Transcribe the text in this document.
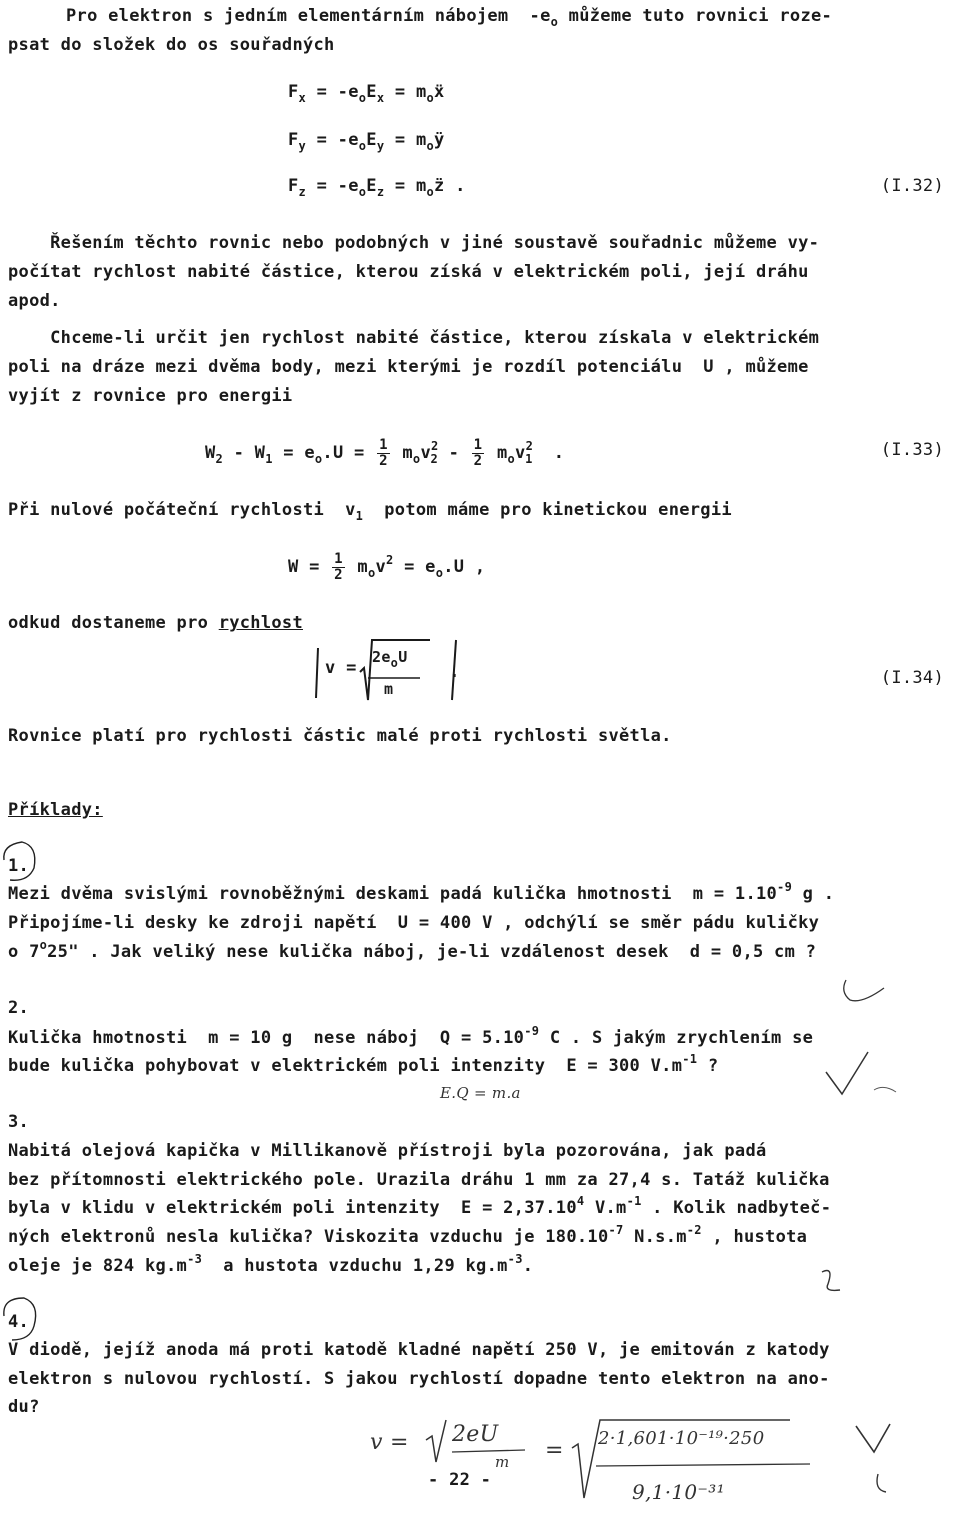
Pro elektron s jedním elementárním nábojem  $-e_o$ můžeme tuto rovnici roze-
psat do složek do os souřadných
$F_x = -e_oE_x$ = $m_oẍ$
$F_y = -e_oE_y$ = $m_oÿ$
$F_z = -e_oE_z$ = $m_oz̈$ .	(I.32)
Řešením těchto rovnic nebo podobných v jiné soustavě souřadnic můžeme vy-
počítat rychlost nabité částice, kterou získá v elektrickém poli, její dráhu
apod.
Chceme-li určit jen rychlost nabité částice, kterou získala v elektrickém
poli na dráze mezi dvěma body, mezi kterými je rozdíl potenciálu  U , můžeme
vyjít z rovnice pro energii
$W_2 - W_1 = e_o.U = \frac{1}{2} m_ov^2_2 - \frac{1}{2} m_ov^2_1$  .	(I.33)
Při nulové počáteční rychlosti  $v_1$  potom máme pro kinetickou energii
$W = \frac{1}{2} m_ov^2 = e_o.U$ ,
odkud dostaneme pro rychlost
v =
$2e_oU$
m
.	(I.34)
Rovnice platí pro rychlosti částic malé proti rychlosti světla.
Příklady:
1.
Mezi dvěma svislými rovnoběžnými deskami padá kulička hmotnosti  $m = 1.10^{-9}$ g .
Připojíme-li desky ke zdroji napětí  U = 400 V , odchýlí se směr pádu kuličky
o 7$^o$25" . Jak veliký nese kulička náboj, je-li vzdálenost desek  d = 0,5 cm ?
2.
Kulička hmotnosti  m = 10 g  nese náboj  $Q = 5.10^{-9}$ C . S jakým zrychlením se
bude kulička pohybovat v elektrickém poli intenzity  E = 300 $V.m^{-1}$ ?
E.Q = m.a
3.
Nabitá olejová kapička v Millikanově přístroji byla pozorována, jak padá
bez přítomnosti elektrického pole. Urazila dráhu 1 mm za 27,4 s. Tatáž kulička
byla v klidu v elektrickém poli intenzity  $E = 2,37.10^4$ $V.m^{-1}$ . Kolik nadbyteč-
ných elektronů nesla kulička? Viskozita vzduchu je $180.10^{-7}$ $N.s.m^{-2}$ , hustota
oleje je 824 $kg.m^{-3}$  a hustota vzduchu 1,29 $kg.m^{-3}$.
4.
V diodě, jejíž anoda má proti katodě kladné napětí 250 V, je emitován z katody
elektron s nulovou rychlostí. S jakou rychlostí dopadne tento elektron na ano-
du?
v = 2eU
m = 2·1,601·10⁻¹⁹·250
9,1·10⁻³¹
- 22 -
